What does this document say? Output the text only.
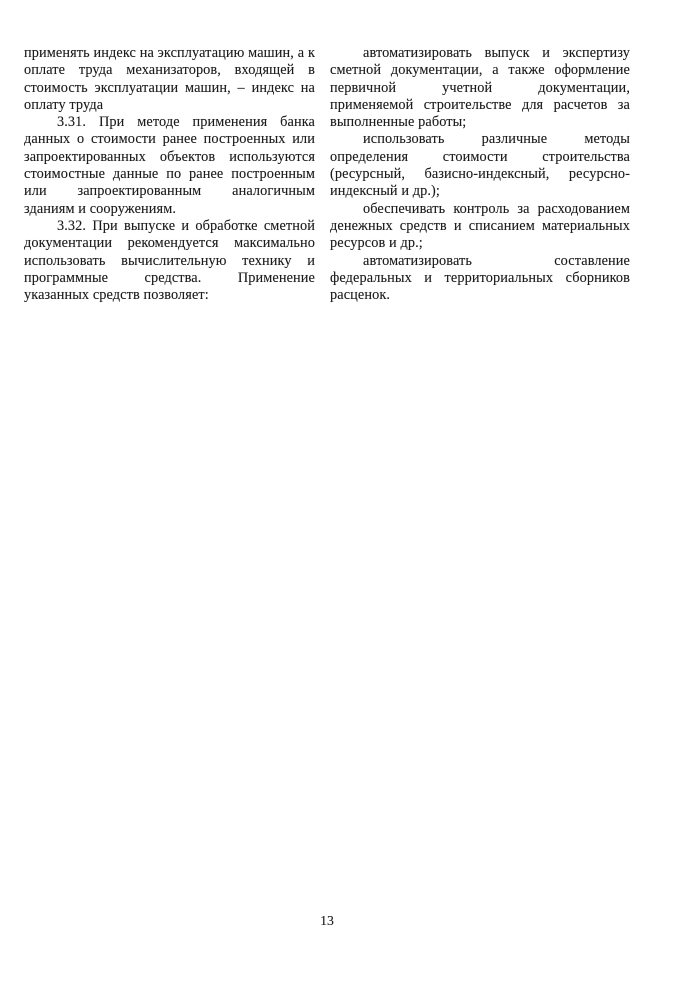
применять индекс на эксплуатацию машин, а к оплате труда механизаторов, входящей в стоимость эксплуатации машин, – индекс на оплату труда

3.31. При методе применения банка данных о стоимости ранее построенных или запроектированных объектов используются стоимостные данные по ранее построенным или запроектированным аналогичным зданиям и сооружениям.

3.32. При выпуске и обработке сметной документации рекомендуется максимально использовать вычислительную технику и программные средства. Применение указанных средств позволяет:

автоматизировать выпуск и экспертизу сметной документации, а также оформление первичной учетной документации, применяемой строительстве для расчетов за выполненные работы;

использовать различные методы определения стоимости строительства (ресурсный, базисно-индексный, ресурсно-индексный и др.);

обеспечивать контроль за расходованием денежных средств и списанием материальных ресурсов и др.;

автоматизировать составление федеральных и территориальных сборников расценок.

13
